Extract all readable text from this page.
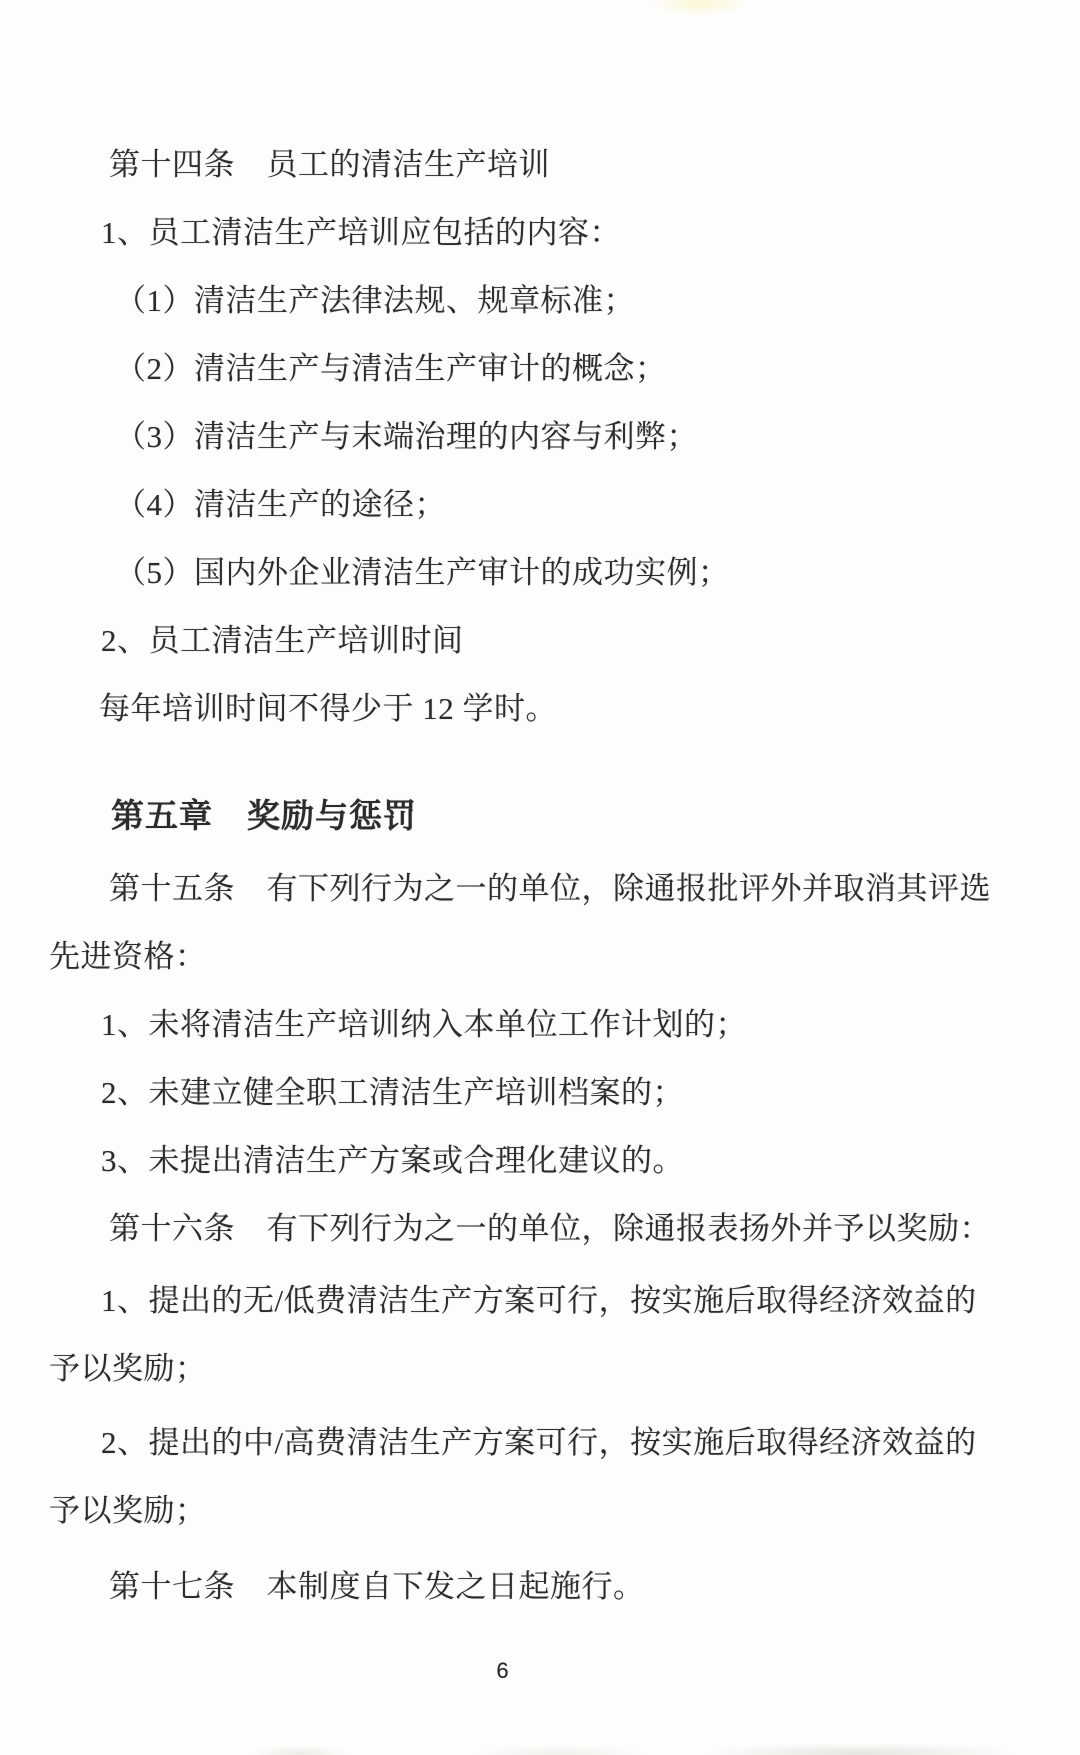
第十四条　员工的清洁生产培训

1、员工清洁生产培训应包括的内容：

（1）清洁生产法律法规、规章标准；

（2）清洁生产与清洁生产审计的概念；

（3）清洁生产与末端治理的内容与利弊；

（4）清洁生产的途径；

（5）国内外企业清洁生产审计的成功实例；

2、员工清洁生产培训时间

每年培训时间不得少于 12 学时。

第五章　奖励与惩罚

第十五条　有下列行为之一的单位，除通报批评外并取消其评选

先进资格：

1、未将清洁生产培训纳入本单位工作计划的；

2、未建立健全职工清洁生产培训档案的；

3、未提出清洁生产方案或合理化建议的。

第十六条　有下列行为之一的单位，除通报表扬外并予以奖励：

1、提出的无/低费清洁生产方案可行，按实施后取得经济效益的

予以奖励；

2、提出的中/高费清洁生产方案可行，按实施后取得经济效益的

予以奖励；

第十七条　本制度自下发之日起施行。

6
